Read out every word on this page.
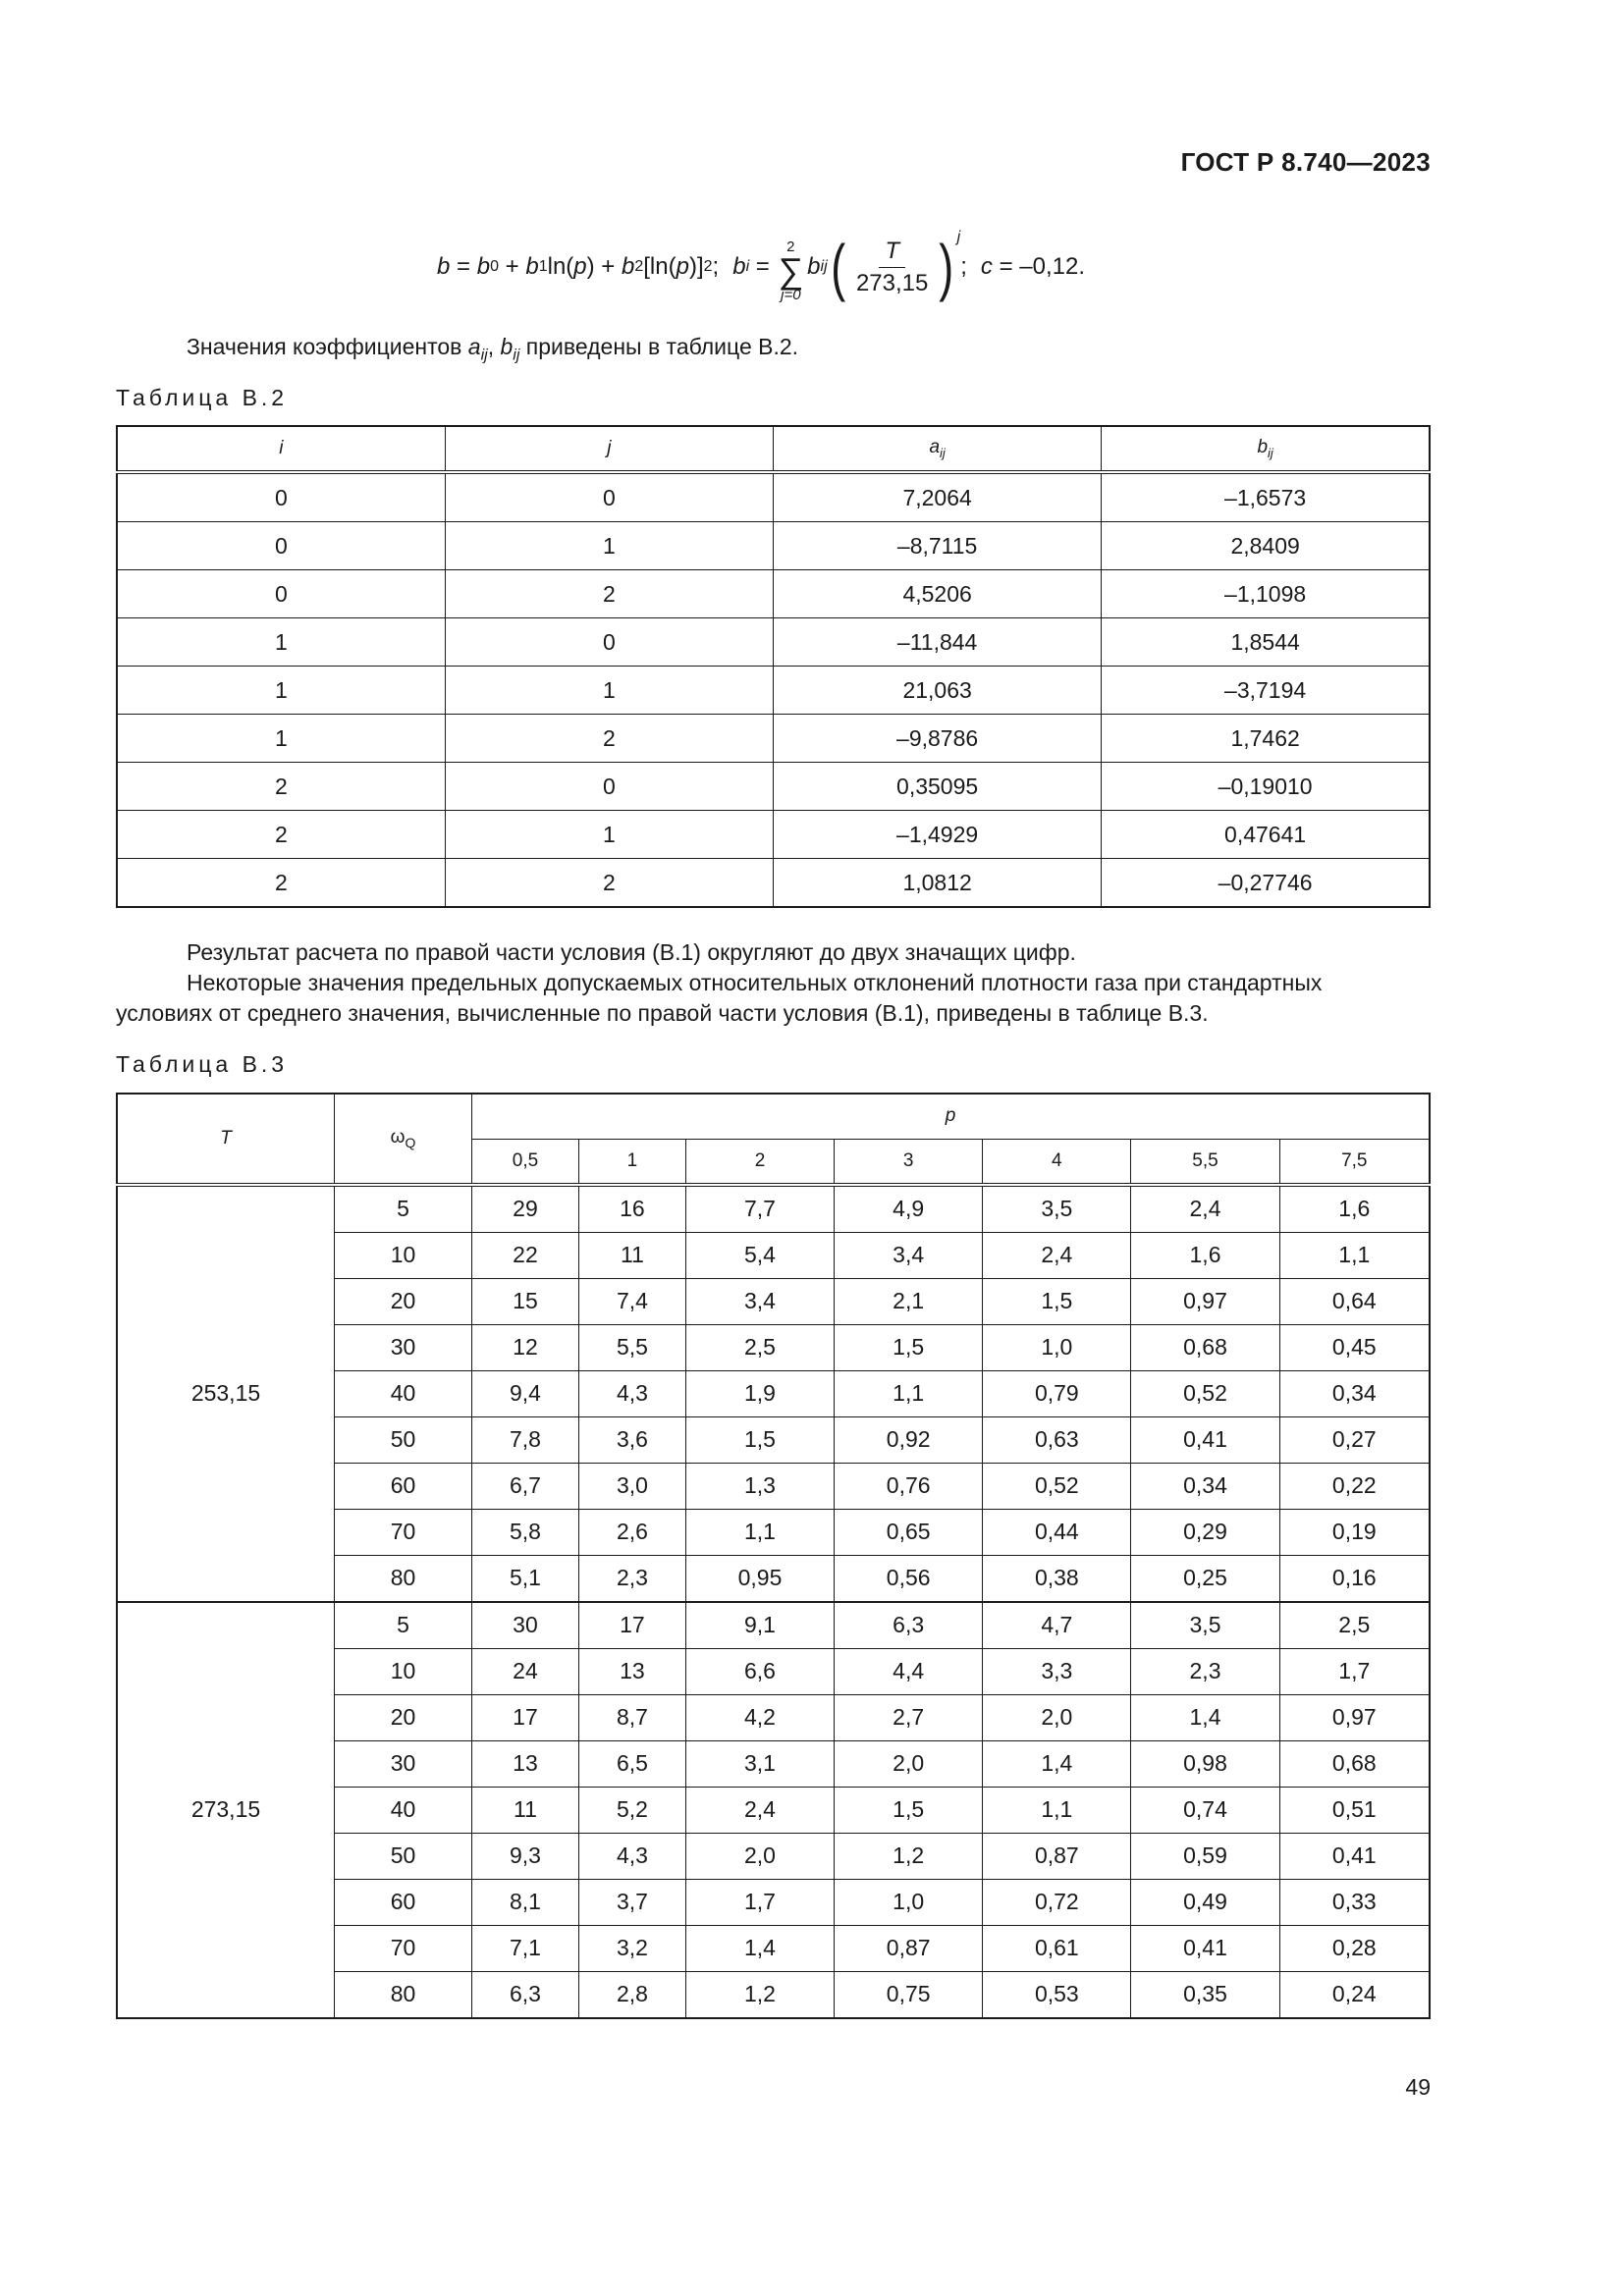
ГОСТ Р 8.740—2023
b = b 0 + b 1 ln( p ) + b 2 [ln( p )] 2 ; b i =
2
∑
j=0
b ij ( $\frac{T}{273,15}$ ) j
; c = –0,12.
Значения коэффициентов $a_{ij}$, $b_{ij}$ приведены в таблице В.2.
Таблица В.2
i	j	$a_{ij}$	$b_{ij}$
0	0	7,2064	–1,6573
0	1	–8,7115	2,8409
0	2	4,5206	–1,1098
1	0	–11,844	1,8544
1	1	21,063	–3,7194
1	2	–9,8786	1,7462
2	0	0,35095	–0,19010
2	1	–1,4929	0,47641
2	2	1,0812	–0,27746
Результат расчета по правой части условия (В.1) округляют до двух значащих цифр.
Некоторые значения предельных допускаемых относительных отклонений плотности газа при стандартных
условиях от среднего значения, вычисленные по правой части условия (В.1), приведены в таблице В.3.
Таблица В.3
T	$\omega_Q$	p						
		0,5	1	2	3	4	5,5	7,5
253,15	5	29	16	7,7	4,9	3,5	2,4	1,6
	10	22	11	5,4	3,4	2,4	1,6	1,1
	20	15	7,4	3,4	2,1	1,5	0,97	0,64
	30	12	5,5	2,5	1,5	1,0	0,68	0,45
	40	9,4	4,3	1,9	1,1	0,79	0,52	0,34
	50	7,8	3,6	1,5	0,92	0,63	0,41	0,27
	60	6,7	3,0	1,3	0,76	0,52	0,34	0,22
	70	5,8	2,6	1,1	0,65	0,44	0,29	0,19
	80	5,1	2,3	0,95	0,56	0,38	0,25	0,16
273,15	5	30	17	9,1	6,3	4,7	3,5	2,5
	10	24	13	6,6	4,4	3,3	2,3	1,7
	20	17	8,7	4,2	2,7	2,0	1,4	0,97
	30	13	6,5	3,1	2,0	1,4	0,98	0,68
	40	11	5,2	2,4	1,5	1,1	0,74	0,51
	50	9,3	4,3	2,0	1,2	0,87	0,59	0,41
	60	8,1	3,7	1,7	1,0	0,72	0,49	0,33
	70	7,1	3,2	1,4	0,87	0,61	0,41	0,28
	80	6,3	2,8	1,2	0,75	0,53	0,35	0,24
49
